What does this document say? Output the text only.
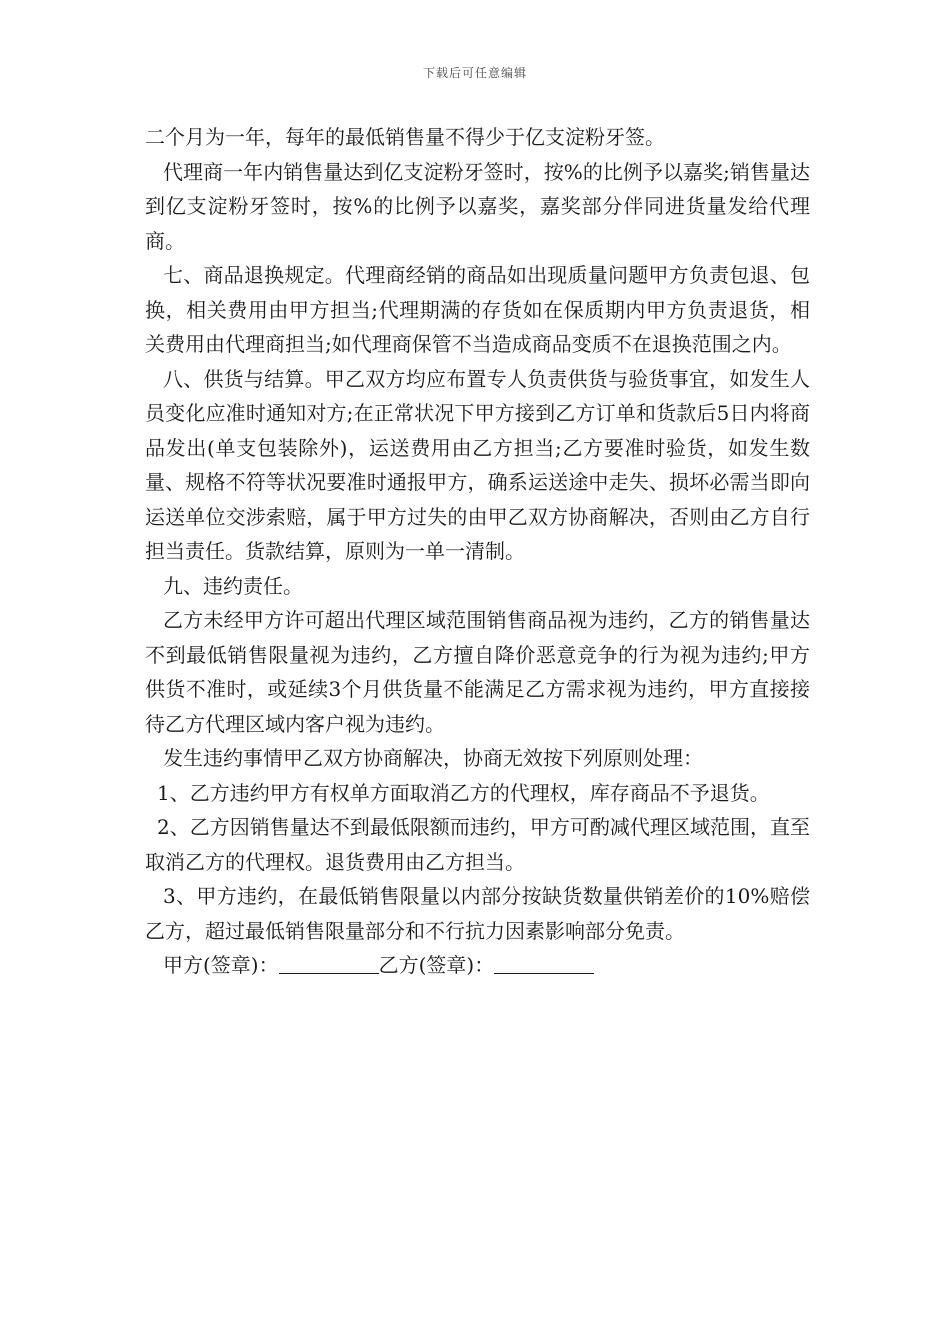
下载后可任意编辑

二个月为一年，每年的最低销售量不得少于亿支淀粉牙签。

代理商一年内销售量达到亿支淀粉牙签时，按%的比例予以嘉奖;销售量达到亿支淀粉牙签时，按%的比例予以嘉奖，嘉奖部分伴同进货量发给代理商。

七、商品退换规定。代理商经销的商品如出现质量问题甲方负责包退、包换，相关费用由甲方担当;代理期满的存货如在保质期内甲方负责退货，相关费用由代理商担当;如代理商保管不当造成商品变质不在退换范围之内。

八、供货与结算。甲乙双方均应布置专人负责供货与验货事宜，如发生人员变化应准时通知对方;在正常状况下甲方接到乙方订单和货款后5日内将商品发出(单支包装除外)，运送费用由乙方担当;乙方要准时验货，如发生数量、规格不符等状况要准时通报甲方，确系运送途中走失、损坏必需当即向运送单位交涉索赔，属于甲方过失的由甲乙双方协商解决，否则由乙方自行担当责任。货款结算，原则为一单一清制。

九、违约责任。

乙方未经甲方许可超出代理区域范围销售商品视为违约，乙方的销售量达不到最低销售限量视为违约，乙方擅自降价恶意竞争的行为视为违约;甲方供货不准时，或延续3个月供货量不能满足乙方需求视为违约，甲方直接接待乙方代理区域内客户视为违约。

发生违约事情甲乙双方协商解决，协商无效按下列原则处理：

1、乙方违约甲方有权单方面取消乙方的代理权，库存商品不予退货。

2、乙方因销售量达不到最低限额而违约，甲方可酌减代理区域范围，直至取消乙方的代理权。退货费用由乙方担当。

3、甲方违约，在最低销售限量以内部分按缺货数量供销差价的10%赔偿乙方，超过最低销售限量部分和不行抗力因素影响部分免责。

甲方(签章)：	乙方(签章)：
